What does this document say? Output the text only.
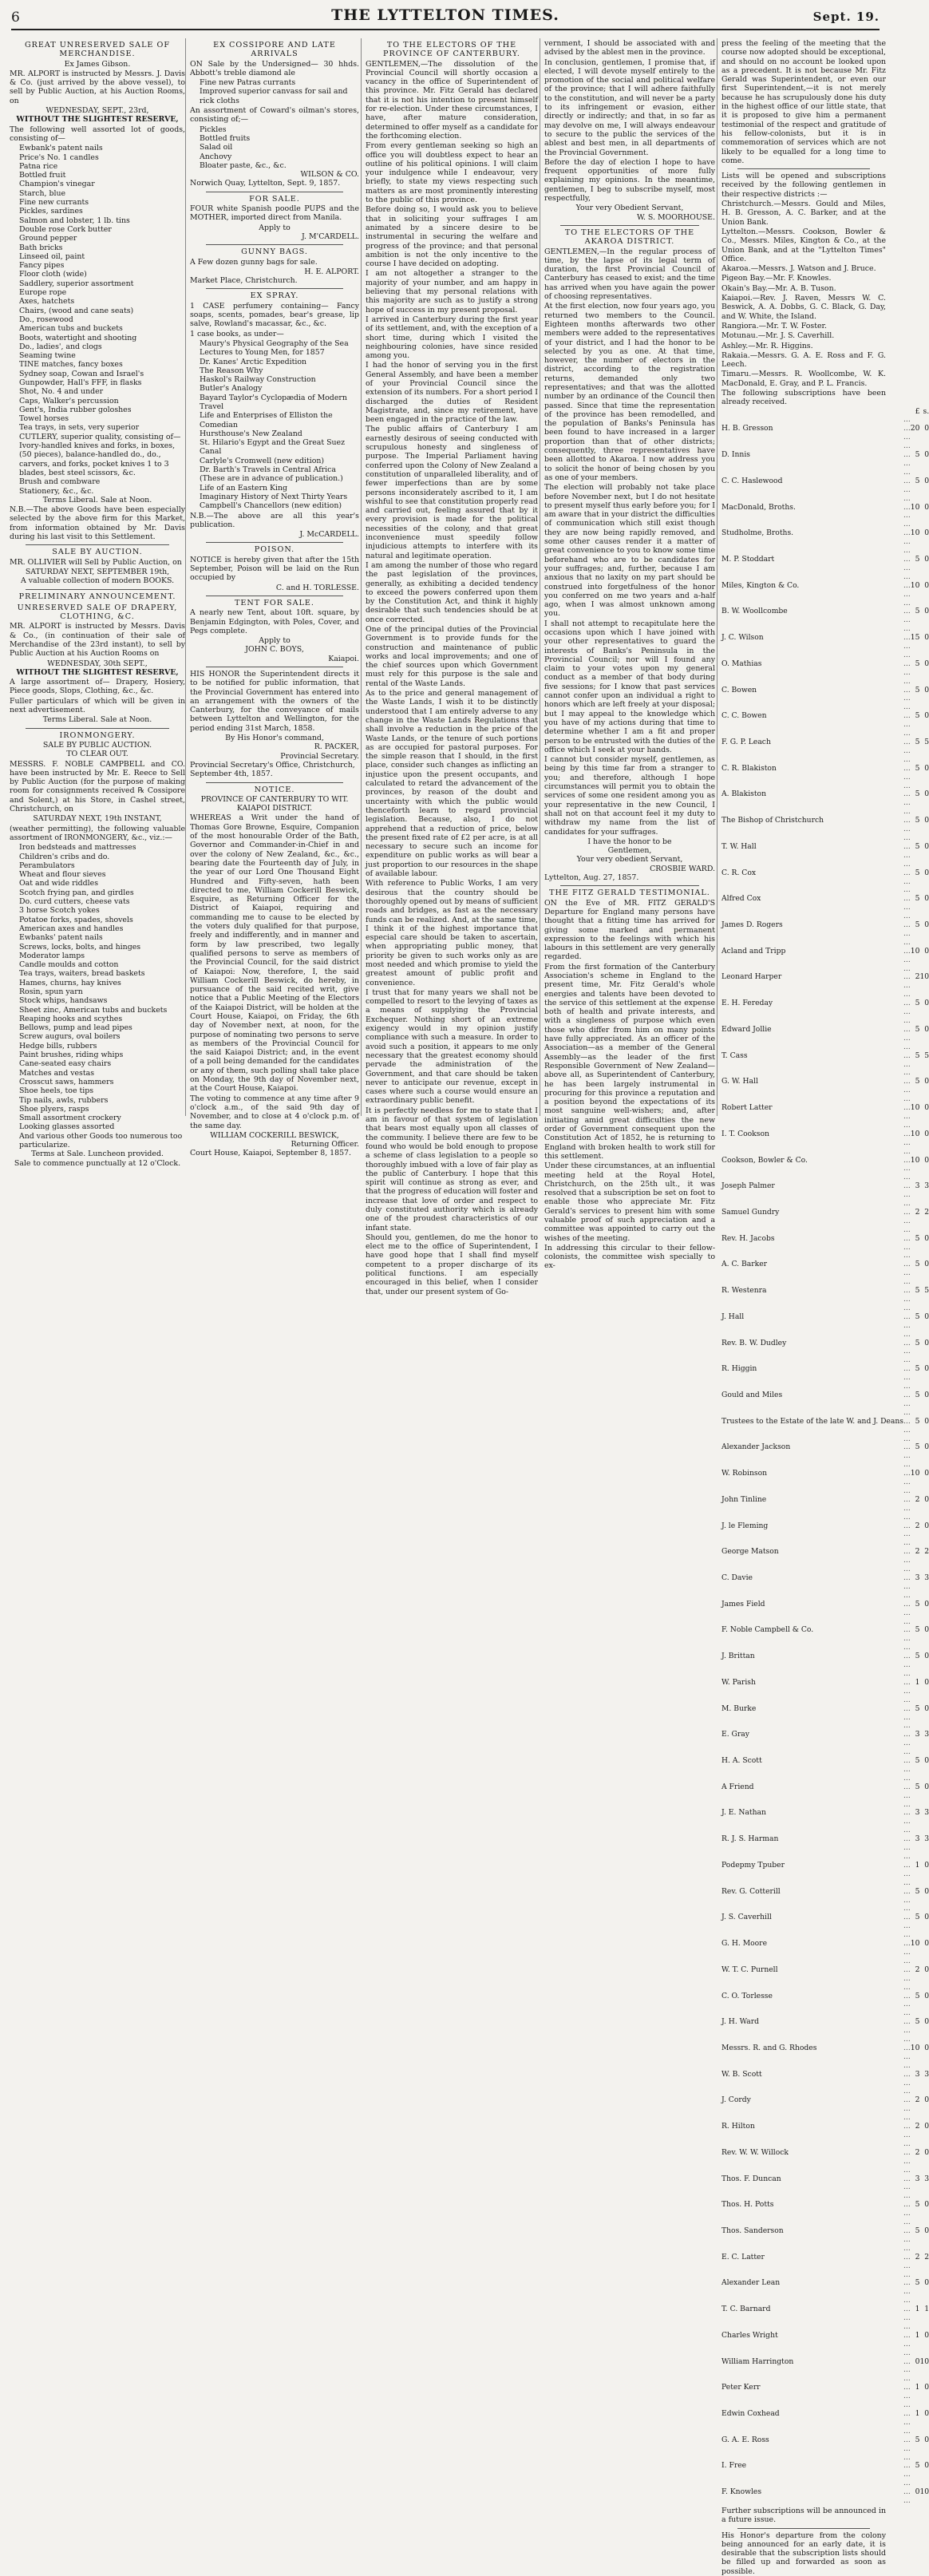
6	THE LYTTELTON TIMES.	Sept. 19.
GREAT UNRESERVED SALE OF MERCHANDISE.
Ex James Gibson.

MR. ALPORT is instructed by Messrs. J. Davis & Co. (just arrived by the above vessel), to sell by Public Auction, at his Auction Rooms, on

WEDNESDAY, SEPT., 23rd,
WITHOUT THE SLIGHTEST RESERVE,

The following well assorted lot of goods, consisting of—

Ewbank's patent nails
Price's No. 1 candles
Patna rice
Bottled fruit
Champion's vinegar
Starch, blue
Fine new currants
Pickles, sardines
Salmon and lobster, 1 lb. tins
Double rose Cork butter
Ground pepper
Bath bricks
Linseed oil, paint
Fancy pipes
Floor cloth (wide)
Saddlery, superior assortment
Europe rope
Axes, hatchets
Chairs, (wood and cane seats)
Do., rosewood
American tubs and buckets
Boots, watertight and shooting
Do., ladies', and clogs
Seaming twine
TINE matches, fancy boxes
Sydney soap, Cowan and Israel's
Gunpowder, Hall's FFF, in flasks
Shot, No. 4 and under
Caps, Walker's percussion
Gent's, India rubber goloshes
Towel horses
Tea trays, in sets, very superior
CUTLERY, superior quality, consisting of—
Ivory-handled knives and forks, in boxes, (50 pieces), balance-handled do., do., carvers, and forks, pocket knives 1 to 3 blades, best steel scissors, &c.
Brush and combware
Stationery, &c., &c.
Terms Liberal. Sale at Noon.

N.B.—The above Goods have been especially selected by the above firm for this Market, from information obtained by Mr. Davis during his last visit to this Settlement.

SALE BY AUCTION.

MR. OLLIVIER will Sell by Public Auction, on

SATURDAY NEXT, SEPTEMBER 19th,
A valuable collection of modern BOOKS.
PRELIMINARY ANNOUNCEMENT.
UNRESERVED SALE OF DRAPERY, CLOTHING, &C.

MR. ALPORT is instructed by Messrs. Davis & Co., (in continuation of their sale of Merchandise of the 23rd instant), to sell by Public Auction at his Auction Rooms on

WEDNESDAY, 30th SEPT.,
WITHOUT THE SLIGHTEST RESERVE,

A large assortment of— Drapery, Hosiery, Piece goods, Slops, Clothing, &c., &c.

Fuller particulars of which will be given in next advertisement.

Terms Liberal. Sale at Noon.
IRONMONGERY.
SALE BY PUBLIC AUCTION.
TO CLEAR OUT.

MESSRS. F. NOBLE CAMPBELL and CO. have been instructed by Mr. E. Reece to Sell by Public Auction (for the purpose of making room for consignments received ℞ Cossipore and Solent,) at his Store, in Cashel street, Christchurch, on

SATURDAY NEXT, 19th INSTANT,

(weather permitting), the following valuable assortment of IRONMONGERY, &c., viz.:—

Iron bedsteads and mattresses
Children's cribs and do.
Perambulators
Wheat and flour sieves
Oat and wide riddles
Scotch frying pan, and girdles
Do. curd cutters, cheese vats
3 horse Scotch yokes
Potatoe forks, spades, shovels
American axes and handles
Ewbanks' patent nails
Screws, locks, bolts, and hinges
Moderator lamps
Candle moulds and cotton
Tea trays, waiters, bread baskets
Hames, churns, hay knives
Rosin, spun yarn
Stock whips, handsaws
Sheet zinc, American tubs and buckets
Reaping hooks and scythes
Bellows, pump and lead pipes
Screw augurs, oval boilers
Hedge bills, rubbers
Paint brushes, riding whips
Cane-seated easy chairs
Matches and vestas
Crosscut saws, hammers
Shoe heels, toe tips
Tip nails, awls, rubbers
Shoe plyers, rasps
Small assortment crockery
Looking glasses assorted
And various other Goods too numerous too particularize.
Terms at Sale. Luncheon provided.
Sale to commence punctually at 12 o'Clock.
EX COSSIPORE AND LATE ARRIVALS

ON Sale by the Undersigned— 30 hhds. Abbott's treble diamond ale

Fine new Patras currants
Improved superior canvass for sail and rick cloths

An assortment of Coward's oilman's stores, consisting of;—

Pickles
Bottled fruits
Salad oil
Anchovy
Bloater paste, &c., &c.
WILSON & CO.
Norwich Quay, Lyttelton, Sept. 9, 1857.
FOR SALE.

FOUR white Spanish poodle PUPS and the MOTHER, imported direct from Manila.

Apply to
J. M'CARDELL.
GUNNY BAGS.

A Few dozen gunny bags for sale.

H. E. ALPORT.
Market Place, Christchurch.
EX SPRAY.

1 CASE perfumery containing— Fancy soaps, scents, pomades, bear's grease, lip salve, Rowland's macassar, &c., &c.

1 case books, as under—

Maury's Physical Geography of the Sea
Lectures to Young Men, for 1857
Dr. Kanes' Arctic Expedition
The Reason Why
Haskol's Railway Construction
Butler's Analogy
Bayard Taylor's Cyclopædia of Modern Travel
Life and Enterprises of Elliston the Comedian
Hursthouse's New Zealand
St. Hilario's Egypt and the Great Suez Canal
Carlyle's Cromwell (new edition)
Dr. Barth's Travels in Central Africa
(These are in advance of publication.)
Life of an Eastern King
Imaginary History of Next Thirty Years
Campbell's Chancellors (new edition)

N.B.—The above are all this year's publication.

J. McCARDELL.
POISON.

NOTICE is hereby given that after the 15th September, Poison will be laid on the Run occupied by

C. and H. TORLESSE.
TENT FOR SALE.

A nearly new Tent, about 10ft. square, by Benjamin Edgington, with Poles, Cover, and Pegs complete.

Apply to
JOHN C. BOYS,
Kaiapoi.

HIS HONOR the Superintendent directs it to be notified for public information, that the Provincial Government has entered into an arrangement with the owners of the Canterbury, for the conveyance of mails between Lyttelton and Wellington, for the period ending 31st March, 1858.

By His Honor's command,
R. PACKER,
Provincial Secretary.
Provincial Secretary's Office, Christchurch, September 4th, 1857.
NOTICE.
PROVINCE OF CANTERBURY TO WIT.
KAIAPOI DISTRICT.

WHEREAS a Writ under the hand of Thomas Gore Browne, Esquire, Companion of the most honourable Order of the Bath, Governor and Commander-in-Chief in and over the colony of New Zealand, &c., &c., bearing date the Fourteenth day of July, in the year of our Lord One Thousand Eight Hundred and Fifty-seven, hath been directed to me, William Cockerill Beswick, Esquire, as Returning Officer for the District of Kaiapoi, requiring and commanding me to cause to be elected by the voters duly qualified for that purpose, freely and indifferently, and in manner and form by law prescribed, two legally qualified persons to serve as members of the Provincial Council, for the said district of Kaiapoi: Now, therefore, I, the said William Cockerill Beswick, do hereby, in pursuance of the said recited writ, give notice that a Public Meeting of the Electors of the Kaiapoi District, will be holden at the Court House, Kaiapoi, on Friday, the 6th day of November next, at noon, for the purpose of nominating two persons to serve as members of the Provincial Council for the said Kaiapoi District; and, in the event of a poll being demanded for the candidates or any of them, such polling shall take place on Monday, the 9th day of November next, at the Court House, Kaiapoi.

The voting to commence at any time after 9 o'clock a.m., of the said 9th day of November, and to close at 4 o'clock p.m. of the same day.

WILLIAM COCKERILL BESWICK,
Returning Officer.
Court House, Kaiapoi, September 8, 1857.
TO THE ELECTORS OF THE PROVINCE OF CANTERBURY.

GENTLEMEN,—The dissolution of the Provincial Council will shortly occasion a vacancy in the office of Superintendent of this province. Mr. Fitz Gerald has declared that it is not his intention to present himself for re-election. Under these circumstances, I have, after mature consideration, determined to offer myself as a candidate for the forthcoming election.

From every gentleman seeking so high an office you will doubtless expect to hear an outline of his political opinions. I will claim your indulgence while I endeavour, very briefly, to state my views respecting such matters as are most prominently interesting to the public of this province.

Before doing so, I would ask you to believe that in soliciting your suffrages I am animated by a sincere desire to be instrumental in securing the welfare and progress of the province; and that personal ambition is not the only incentive to the course I have decided on adopting.

I am not altogether a stranger to the majority of your number, and am happy in believing that my personal relations with this majority are such as to justify a strong hope of success in my present proposal.

I arrived in Canterbury during the first year of its settlement, and, with the exception of a short time, during which I visited the neighbouring colonies, have since resided among you.

I had the honor of serving you in the first General Assembly, and have been a member of your Provincial Council since the extension of its numbers. For a short period I discharged the duties of Resident Magistrate, and, since my retirement, have been engaged in the practice of the law.

The public affairs of Canterbury I am earnestly desirous of seeing conducted with scrupulous honesty and singleness of purpose. The Imperial Parliament having conferred upon the Colony of New Zealand a constitution of unparalleled liberality, and of fewer imperfections than are by some persons inconsiderately ascribed to it, I am wishful to see that constitution properly read and carried out, feeling assured that by it every provision is made for the political necessities of the colony, and that great inconvenience must speedily follow injudicious attempts to interfere with its natural and legitimate operation.

I am among the number of those who regard the past legislation of the provinces, generally, as exhibiting a decided tendency to exceed the powers conferred upon them by the Constitution Act, and think it highly desirable that such tendencies should be at once corrected.

One of the principal duties of the Provincial Government is to provide funds for the construction and maintenance of public works and local improvements; and one of the chief sources upon which Government must rely for this purpose is the sale and rental of the Waste Lands.

As to the price and general management of the Waste Lands, I wish it to be distinctly understood that I am entirely adverse to any change in the Waste Lands Regulations that shall involve a reduction in the price of the Waste Lands, or the tenure of such portions as are occupied for pastoral purposes. For the simple reason that I should, in the first place, consider such changes as inflicting an injustice upon the present occupants, and calculated to retard the advancement of the provinces, by reason of the doubt and uncertainty with which the public would thenceforth learn to regard provincial legislation. Because, also, I do not apprehend that a reduction of price, below the present fixed rate of £2 per acre, is at all necessary to secure such an income for expenditure on public works as will bear a just proportion to our resources in the shape of available labour.

With reference to Public Works, I am very desirous that the country should be thoroughly opened out by means of sufficient roads and bridges, as fast as the necessary funds can be realized. And, at the same time, I think it of the highest importance that especial care should be taken to ascertain, when appropriating public money, that priority be given to such works only as are most needed and which promise to yield the greatest amount of public profit and convenience.

I trust that for many years we shall not be compelled to resort to the levying of taxes as a means of supplying the Provincial Exchequer. Nothing short of an extreme exigency would in my opinion justify compliance with such a measure. In order to avoid such a position, it appears to me only necessary that the greatest economy should pervade the administration of the Government, and that care should be taken never to anticipate our revenue, except in cases where such a course would ensure an extraordinary public benefit.

It is perfectly needless for me to state that I am in favour of that system of legislation that bears most equally upon all classes of the community. I believe there are few to be found who would be bold enough to propose a scheme of class legislation to a people so thoroughly imbued with a love of fair play as the public of Canterbury. I hope that this spirit will continue as strong as ever, and that the progress of education will foster and increase that love of order and respect to duly constituted authority which is already one of the proudest characteristics of our infant state.

Should you, gentlemen, do me the honor to elect me to the office of Superintendent, I have good hope that I shall find myself competent to a proper discharge of its political functions. I am especially encouraged in this belief, when I consider that, under our present system of Go-

vernment, I should be associated with and advised by the ablest men in the province.

In conclusion, gentlemen, I promise that, if elected, I will devote myself entirely to the promotion of the social and political welfare of the province; that I will adhere faithfully to the constitution, and will never be a party to its infringement or evasion, either directly or indirectly; and that, in so far as may devolve on me, I will always endeavour to secure to the public the services of the ablest and best men, in all departments of the Provincial Government.

Before the day of election I hope to have frequent opportunities of more fully explaining my opinions. In the meantime, gentlemen, I beg to subscribe myself, most respectfully,

Your very Obedient Servant,
W. S. MOORHOUSE.
TO THE ELECTORS OF THE AKAROA DISTRICT.

GENTLEMEN,—In the regular process of time, by the lapse of its legal term of duration, the first Provincial Council of Canterbury has ceased to exist; and the time has arrived when you have again the power of choosing representatives.

At the first election, now four years ago, you returned two members to the Council. Eighteen months afterwards two other members were added to the representatives of your district, and I had the honor to be selected by you as one. At that time, however, the number of electors in the district, according to the registration returns, demanded only two representatives; and that was the allotted number by an ordinance of the Council then passed. Since that time the representation of the province has been remodelled, and the population of Banks's Peninsula has been found to have increased in a larger proportion than that of other districts; consequently, three representatives have been allotted to Akaroa. I now address you to solicit the honor of being chosen by you as one of your members.

The election will probably not take place before November next, but I do not hesitate to present myself thus early before you; for I am aware that in your district the difficulties of communication which still exist though they are now being rapidly removed, and some other causes render it a matter of great convenience to you to know some time beforehand who are to be candidates for your suffrages; and, further, because I am anxious that no laxity on my part should be construed into forgetfulness of the honor you conferred on me two years and a-half ago, when I was almost unknown among you.

I shall not attempt to recapitulate here the occasions upon which I have joined with your other representatives to guard the interests of Banks's Peninsula in the Provincial Council; nor will I found any claim to your votes upon my general conduct as a member of that body during five sessions; for I know that past services cannot confer upon an individual a right to honors which are left freely at your disposal; but I may appeal to the knowledge which you have of my actions during that time to determine whether I am a fit and proper person to be entrusted with the duties of the office which I seek at your hands.

I cannot but consider myself, gentlemen, as being by this time far from a stranger to you; and therefore, although I hope circumstances will permit you to obtain the services of some one resident among you as your representative in the new Council, I shall not on that account feel it my duty to withdraw my name from the list of candidates for your suffrages.

I have the honor to be
Gentlemen,
Your very obedient Servant,
CROSBIE WARD.
Lyttelton, Aug. 27, 1857.
THE FITZ GERALD TESTIMONIAL.

ON the Eve of MR. FITZ GERALD'S Departure for England many persons have thought that a fitting time has arrived for giving some marked and permanent expression to the feelings with which his labours in this settlement are very generally regarded.

From the first formation of the Canterbury Association's scheme in England to the present time, Mr. Fitz Gerald's whole energies and talents have been devoted to the service of this settlement at the expense both of health and private interests, and with a singleness of purpose which even those who differ from him on many points have fully appreciated. As an officer of the Association—as a member of the General Assembly—as the leader of the first Responsible Government of New Zealand—above all, as Superintendent of Canterbury, he has been largely instrumental in procuring for this province a reputation and a position beyond the expectations of its most sanguine well-wishers; and, after initiating amid great difficulties the new order of Government consequent upon the Constitution Act of 1852, he is returning to England with broken health to work still for this settlement.

Under these circumstances, at an influential meeting held at the Royal Hotel, Christchurch, on the 25th ult., it was resolved that a subscription be set on foot to enable those who appreciate Mr. Fitz Gerald's services to present him with some valuable proof of such appreciation and a committee was appointed to carry out the wishes of the meeting.

In addressing this circular to their fellow-colonists, the committee wish specially to ex-

press the feeling of the meeting that the course now adopted should be exceptional, and should on no account be looked upon as a precedent. It is not because Mr. Fitz Gerald was Superintendent, or even our first Superintendent,—it is not merely because he has scrupulously done his duty in the highest office of our little state, that it is proposed to give him a permanent testimonial of the respect and gratitude of his fellow-colonists, but it is in commemoration of services which are not likely to be equalled for a long time to come.

Lists will be opened and subscriptions received by the following gentlemen in their respective districts :—

Christchurch.—Messrs. Gould and Miles, H. B. Gresson, A. C. Barker, and at the Union Bank.

Lyttelton.—Messrs. Cookson, Bowler & Co., Messrs. Miles, Kington & Co., at the Union Bank, and at the "Lyttelton Times" Office.

Akaroa.—Messrs. J. Watson and J. Bruce.

Pigeon Bay.—Mr. F. Knowles.

Okain's Bay.—Mr. A. B. Tuson.

Kaiapoi.—Rev. J. Raven, Messrs W. C. Beswick, A. A. Dobbs, G. C. Black, G. Day, and W. White, the Island.

Rangiora.—Mr. T. W. Foster.

Motunau.—Mr. J. S. Caverhill.

Ashley.—Mr. R. Higgins.

Rakaia.—Messrs. G. A. E. Ross and F. G. Leech.

Timaru.—Messrs. R. Woollcombe, W. K. MacDonald, E. Gray, and P. L. Francis.

The following subscriptions have been already received.

		£	s.
H. B. Gresson	... ... ...	20	0
D. Innis	... ... ...	5	0
C. C. Haslewood	... ... ...	5	0
MacDonald, Broths.	... ... ...	10	0
Studholme, Broths.	... ... ...	10	0
M. P. Stoddart	... ... ...	5	0
Miles, Kington & Co.	... ... ...	10	0
B. W. Woollcombe	... ... ...	5	0
J. C. Wilson	... ... ...	15	0
O. Mathias	... ... ...	5	0
C. Bowen	... ... ...	5	0
C. C. Bowen	... ... ...	5	0
F. G. P. Leach	... ... ...	5	5
C. R. Blakiston	... ... ...	5	0
A. Blakiston	... ... ...	5	0
The Bishop of Christchurch	... ... ...	5	0
T. W. Hall	... ... ...	5	0
C. R. Cox	... ... ...	5	0
Alfred Cox	... ... ...	5	0
James D. Rogers	... ... ...	5	0
Acland and Tripp	... ... ...	10	0
Leonard Harper	... ... ...	2	10
E. H. Fereday	... ... ...	5	0
Edward Jollie	... ... ...	5	0
T. Cass	... ... ...	5	5
G. W. Hall	... ... ...	5	0
Robert Latter	... ... ...	10	0
I. T. Cookson	... ... ...	10	0
Cookson, Bowler & Co.	... ... ...	10	0
Joseph Palmer	... ... ...	3	3
Samuel Gundry	... ... ...	2	2
Rev. H. Jacobs	... ... ...	5	0
A. C. Barker	... ... ...	5	0
R. Westenra	... ... ...	5	5
J. Hall	... ... ...	5	0
Rev. B. W. Dudley	... ... ...	5	0
R. Higgin	... ... ...	5	0
Gould and Miles	... ... ...	5	0
Trustees to the Estate of the late W. and J. Deans	... ... ...	5	0
Alexander Jackson	... ... ...	5	0
W. Robinson	... ... ...	10	0
John Tinline	... ... ...	2	0
J. le Fleming	... ... ...	2	0
George Matson	... ... ...	2	2
C. Davie	... ... ...	3	3
James Field	... ... ...	5	0
F. Noble Campbell & Co.	... ... ...	5	0
J. Brittan	... ... ...	5	0
W. Parish	... ... ...	1	0
M. Burke	... ... ...	5	0
E. Gray	... ... ...	3	3
H. A. Scott	... ... ...	5	0
A Friend	... ... ...	5	0
J. E. Nathan	... ... ...	3	3
R. J. S. Harman	... ... ...	3	3
Podepmy Tpuber	... ... ...	1	0
Rev. G. Cotterill	... ... ...	5	0
J. S. Caverhill	... ... ...	5	0
G. H. Moore	... ... ...	10	0
W. T. C. Purnell	... ... ...	2	0
C. O. Torlesse	... ... ...	5	0
J. H. Ward	... ... ...	5	0
Messrs. R. and G. Rhodes	... ... ...	10	0
W. B. Scott	... ... ...	3	3
J. Cordy	... ... ...	2	0
R. Hilton	... ... ...	2	0
Rev. W. W. Willock	... ... ...	2	0
Thos. F. Duncan	... ... ...	3	3
Thos. H. Potts	... ... ...	5	0
Thos. Sanderson	... ... ...	5	0
E. C. Latter	... ... ...	2	2
Alexander Lean	... ... ...	5	0
T. C. Barnard	... ... ...	1	1
Charles Wright	... ... ...	1	0
William Harrington	... ... ...	0	10
Peter Kerr	... ... ...	1	0
Edwin Coxhead	... ... ...	1	0
G. A. E. Ross	... ... ...	5	0
I. Free	... ... ...	5	0
F. Knowles	... ... ...	0	10

Further subscriptions will be announced in a future issue.

His Honor's departure from the colony being announced for an early date, it is desirable that the subscription lists should be filled up and forwarded as soon as possible.
